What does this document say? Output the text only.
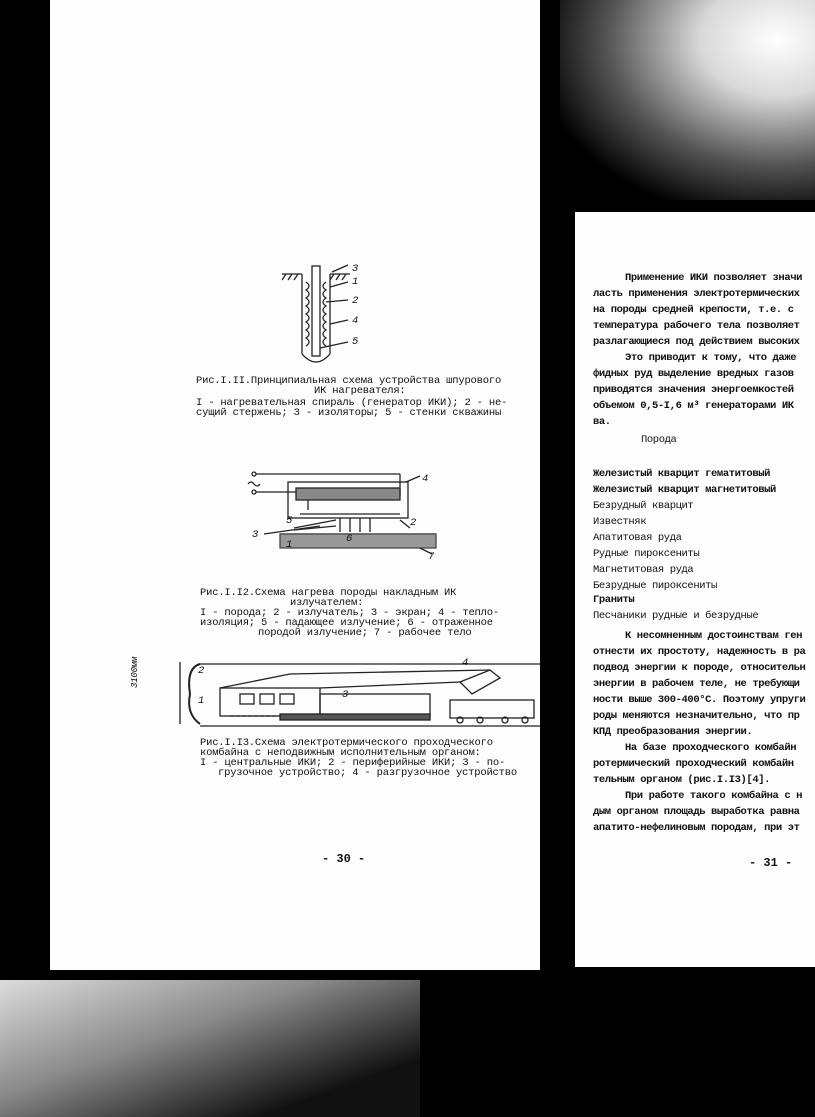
3
1
2
4
5
Рис.I.II.Принципиальная схема устройства шпурового
ИК нагревателя:
I - нагревательная спираль (генератор ИКИ); 2 - не-
сущий стержень; 3 - изоляторы; 5 - стенки скважины
4
5	2
3	6
1
7
Рис.I.I2.Схема нагрева породы накладным ИК
излучателем:
I - порода; 2 - излучатель; 3 - экран; 4 - тепло-
изоляция; 5 - падающее излучение; 6 - отраженное
породой излучение; 7 - рабочее тело
3100мм	2
1	3
4
Рис.I.I3.Схема электротермического проходческого
комбайна с неподвижным исполнительным органом:
I - центральные ИКИ; 2 - периферийные ИКИ; 3 - по-
грузочное устройство; 4 - разгрузочное устройство
- 30 -
Применение ИКИ позволяет значи
ласть применения электротермических
на породы средней крепости, т.е. с
температура рабочего тела позволяет
разлагающиеся под действием высоких
Это приводит к тому, что даже
фидных руд выделение вредных газов
приводятся значения энергоемкостей
объемом 0,5-I,6 м³ генераторами ИК
ва.
Порода
Железистый кварцит гематитовый
Железистый кварцит магнетитовый
Безрудный кварцит
Известняк
Апатитовая руда
Рудные пироксениты
Магнетитовая руда
Безрудные пироксениты
Граниты
Песчаники рудные и безрудные
К несомненным достоинствам ген
отнести их простоту, надежность в ра
подвод энергии к породе, относительн
энергии в рабочем теле, не требующи
ности выше 300-400°С. Поэтому упруги
роды меняются незначительно, что пр
КПД преобразования энергии.
На базе проходческого комбайн
ротермический проходческий комбайн
тельным органом (рис.I.I3)[4].
При работе такого комбайна с н
дым органом площадь выработка равна
апатито-нефелиновым породам, при эт
- 31 -
